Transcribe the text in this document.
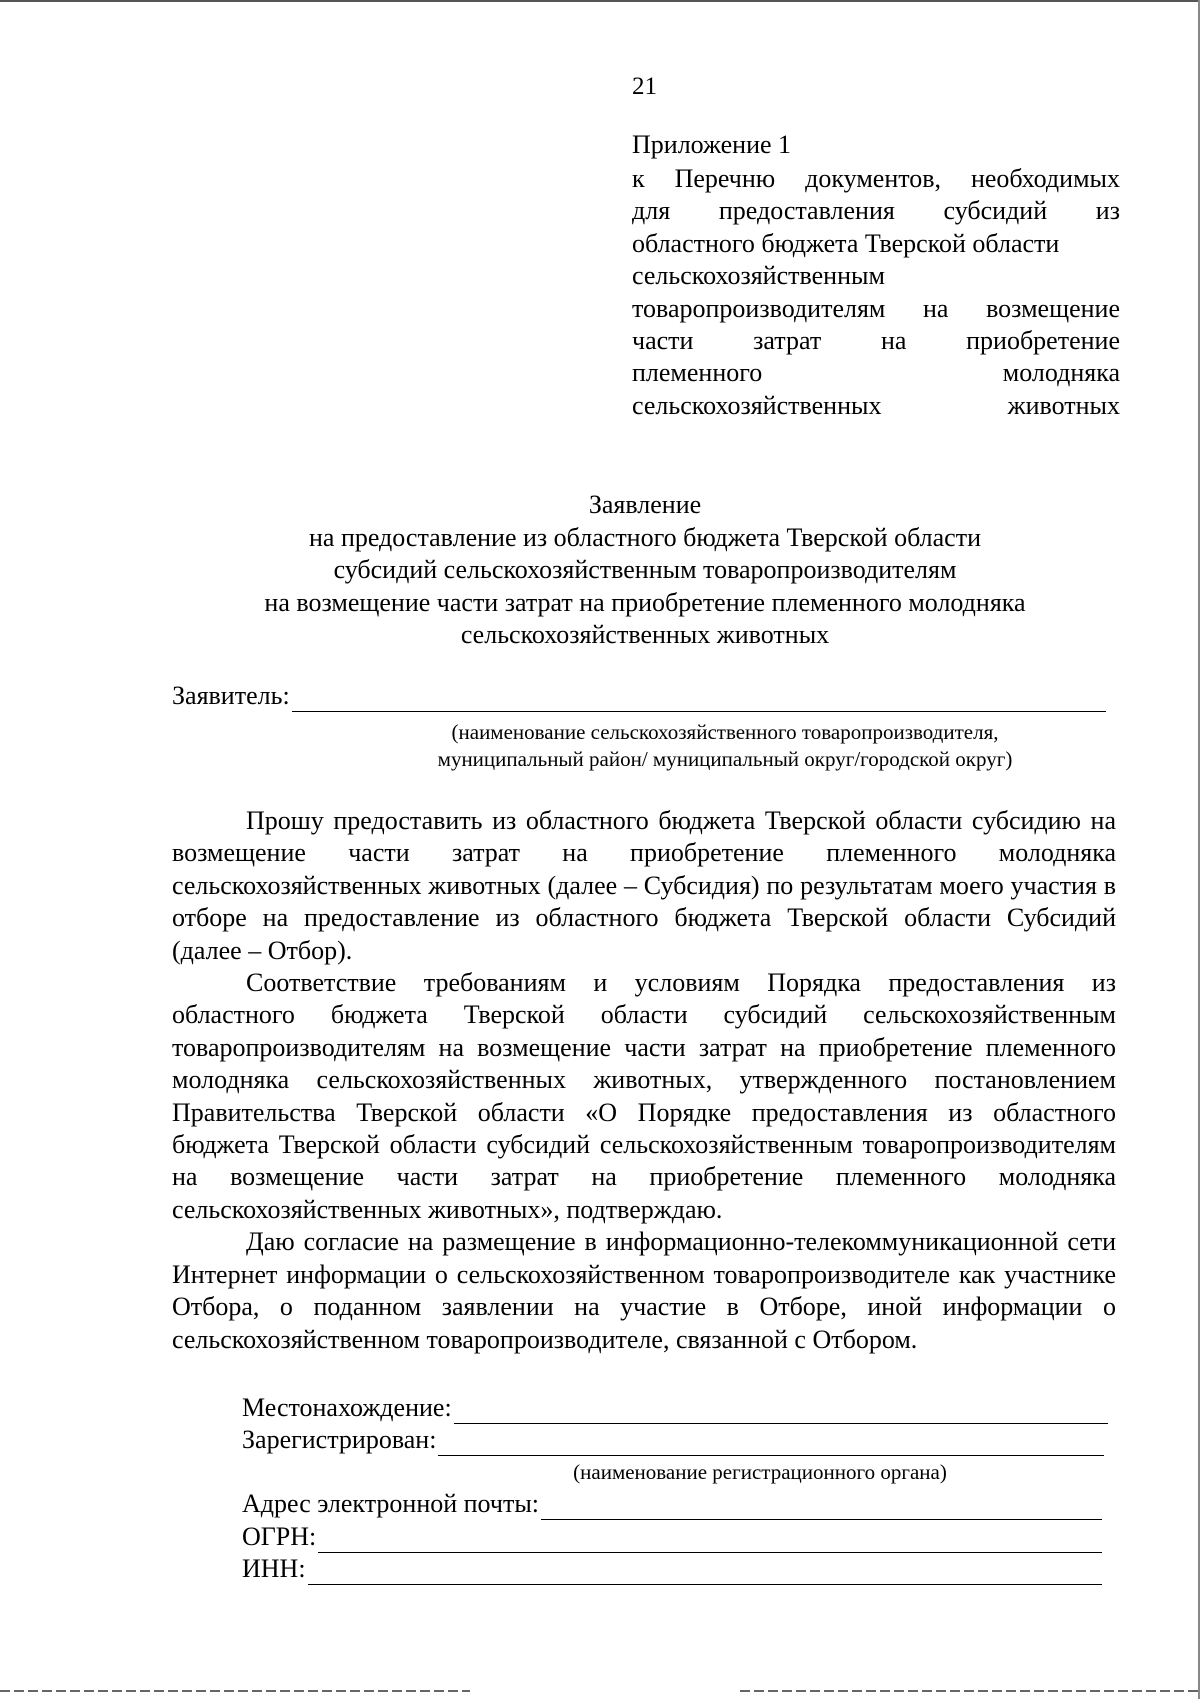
21
Приложение 1
к Перечню документов, необходимых
для предоставления субсидий из
областного бюджета Тверской области
сельскохозяйственным
товаропроизводителям на возмещение
части затрат на приобретение
племенного молодняка
сельскохозяйственных животных
Заявление
на предоставление из областного бюджета Тверской области
субсидий сельскохозяйственным товаропроизводителям
на возмещение части затрат на приобретение племенного молодняка
сельскохозяйственных животных
Заявитель:
(наименование сельскохозяйственного товаропроизводителя,
муниципальный район/ муниципальный округ/городской округ)

Прошу предоставить из областного бюджета Тверской области субсидию на возмещение части затрат на приобретение племенного молодняка сельскохозяйственных животных (далее – Субсидия) по результатам моего участия в отборе на предоставление из областного бюджета Тверской области Субсидий (далее – Отбор).

Соответствие требованиям и условиям Порядка предоставления из областного бюджета Тверской области субсидий сельскохозяйственным товаропроизводителям на возмещение части затрат на приобретение племенного молодняка сельскохозяйственных животных, утвержденного постановлением Правительства Тверской области «О Порядке предоставления из областного бюджета Тверской области субсидий сельскохозяйственным товаропроизводителям на возмещение части затрат на приобретение племенного молодняка сельскохозяйственных животных», подтверждаю.

Даю согласие на размещение в информационно-телекоммуникационной сети Интернет информации о сельскохозяйственном товаропроизводителе как участнике Отбора, о поданном заявлении на участие в Отборе, иной информации о сельскохозяйственном товаропроизводителе, связанной с Отбором.

Местонахождение:
Зарегистрирован:
(наименование регистрационного органа)
Адрес электронной почты:
ОГРН:
ИНН:
